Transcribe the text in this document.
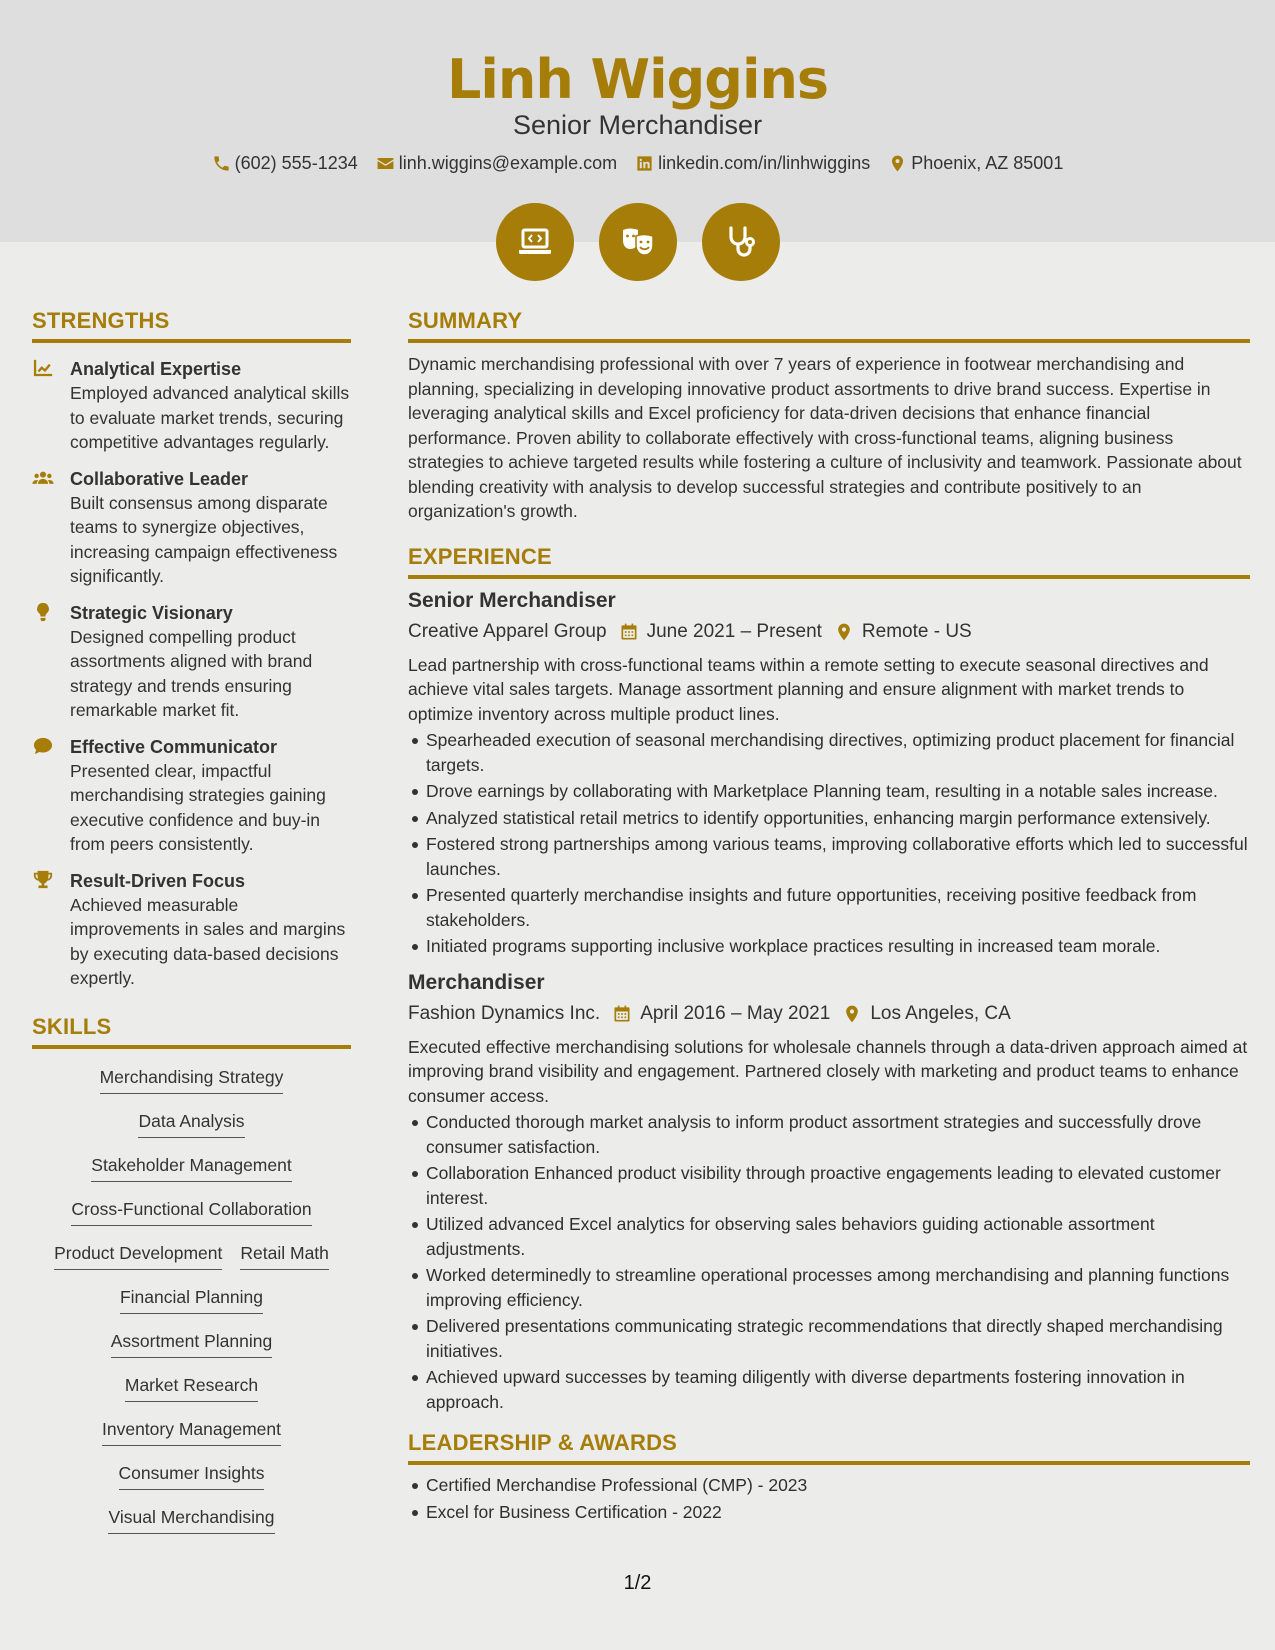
Linh Wiggins
Senior Merchandiser
(602) 555-1234 linh.wiggins@example.com linkedin.com/in/linhwiggins Phoenix, AZ 85001
STRENGTHS
Analytical Expertise
Employed advanced analytical skills to evaluate market trends, securing competitive advantages regularly.
Collaborative Leader
Built consensus among disparate teams to synergize objectives, increasing campaign effectiveness significantly.
Strategic Visionary
Designed compelling product assortments aligned with brand strategy and trends ensuring remarkable market fit.
Effective Communicator
Presented clear, impactful merchandising strategies gaining executive confidence and buy-in from peers consistently.
Result-Driven Focus
Achieved measurable improvements in sales and margins by executing data-based decisions expertly.
SKILLS
Merchandising Strategy
Data Analysis
Stakeholder Management
Cross-Functional Collaboration
Product Development Retail Math
Financial Planning
Assortment Planning
Market Research
Inventory Management
Consumer Insights
Visual Merchandising
SUMMARY
Dynamic merchandising professional with over 7 years of experience in footwear merchandising and planning, specializing in developing innovative product assortments to drive brand success. Expertise in leveraging analytical skills and Excel proficiency for data-driven decisions that enhance financial performance. Proven ability to collaborate effectively with cross-functional teams, aligning business strategies to achieve targeted results while fostering a culture of inclusivity and teamwork. Passionate about blending creativity with analysis to develop successful strategies and contribute positively to an organization's growth.
EXPERIENCE
Senior Merchandiser
Creative Apparel Group June 2021 – Present Remote - US
Lead partnership with cross-functional teams within a remote setting to execute seasonal directives and achieve vital sales targets. Manage assortment planning and ensure alignment with market trends to optimize inventory across multiple product lines.
Spearheaded execution of seasonal merchandising directives, optimizing product placement for financial targets.
Drove earnings by collaborating with Marketplace Planning team, resulting in a notable sales increase.
Analyzed statistical retail metrics to identify opportunities, enhancing margin performance extensively.
Fostered strong partnerships among various teams, improving collaborative efforts which led to successful launches.
Presented quarterly merchandise insights and future opportunities, receiving positive feedback from stakeholders.
Initiated programs supporting inclusive workplace practices resulting in increased team morale.
Merchandiser
Fashion Dynamics Inc. April 2016 – May 2021 Los Angeles, CA
Executed effective merchandising solutions for wholesale channels through a data-driven approach aimed at improving brand visibility and engagement. Partnered closely with marketing and product teams to enhance consumer access.
Conducted thorough market analysis to inform product assortment strategies and successfully drove consumer satisfaction.
Collaboration Enhanced product visibility through proactive engagements leading to elevated customer interest.
Utilized advanced Excel analytics for observing sales behaviors guiding actionable assortment adjustments.
Worked determinedly to streamline operational processes among merchandising and planning functions improving efficiency.
Delivered presentations communicating strategic recommendations that directly shaped merchandising initiatives.
Achieved upward successes by teaming diligently with diverse departments fostering innovation in approach.
LEADERSHIP & AWARDS
Certified Merchandise Professional (CMP) - 2023
Excel for Business Certification - 2022
1/2
